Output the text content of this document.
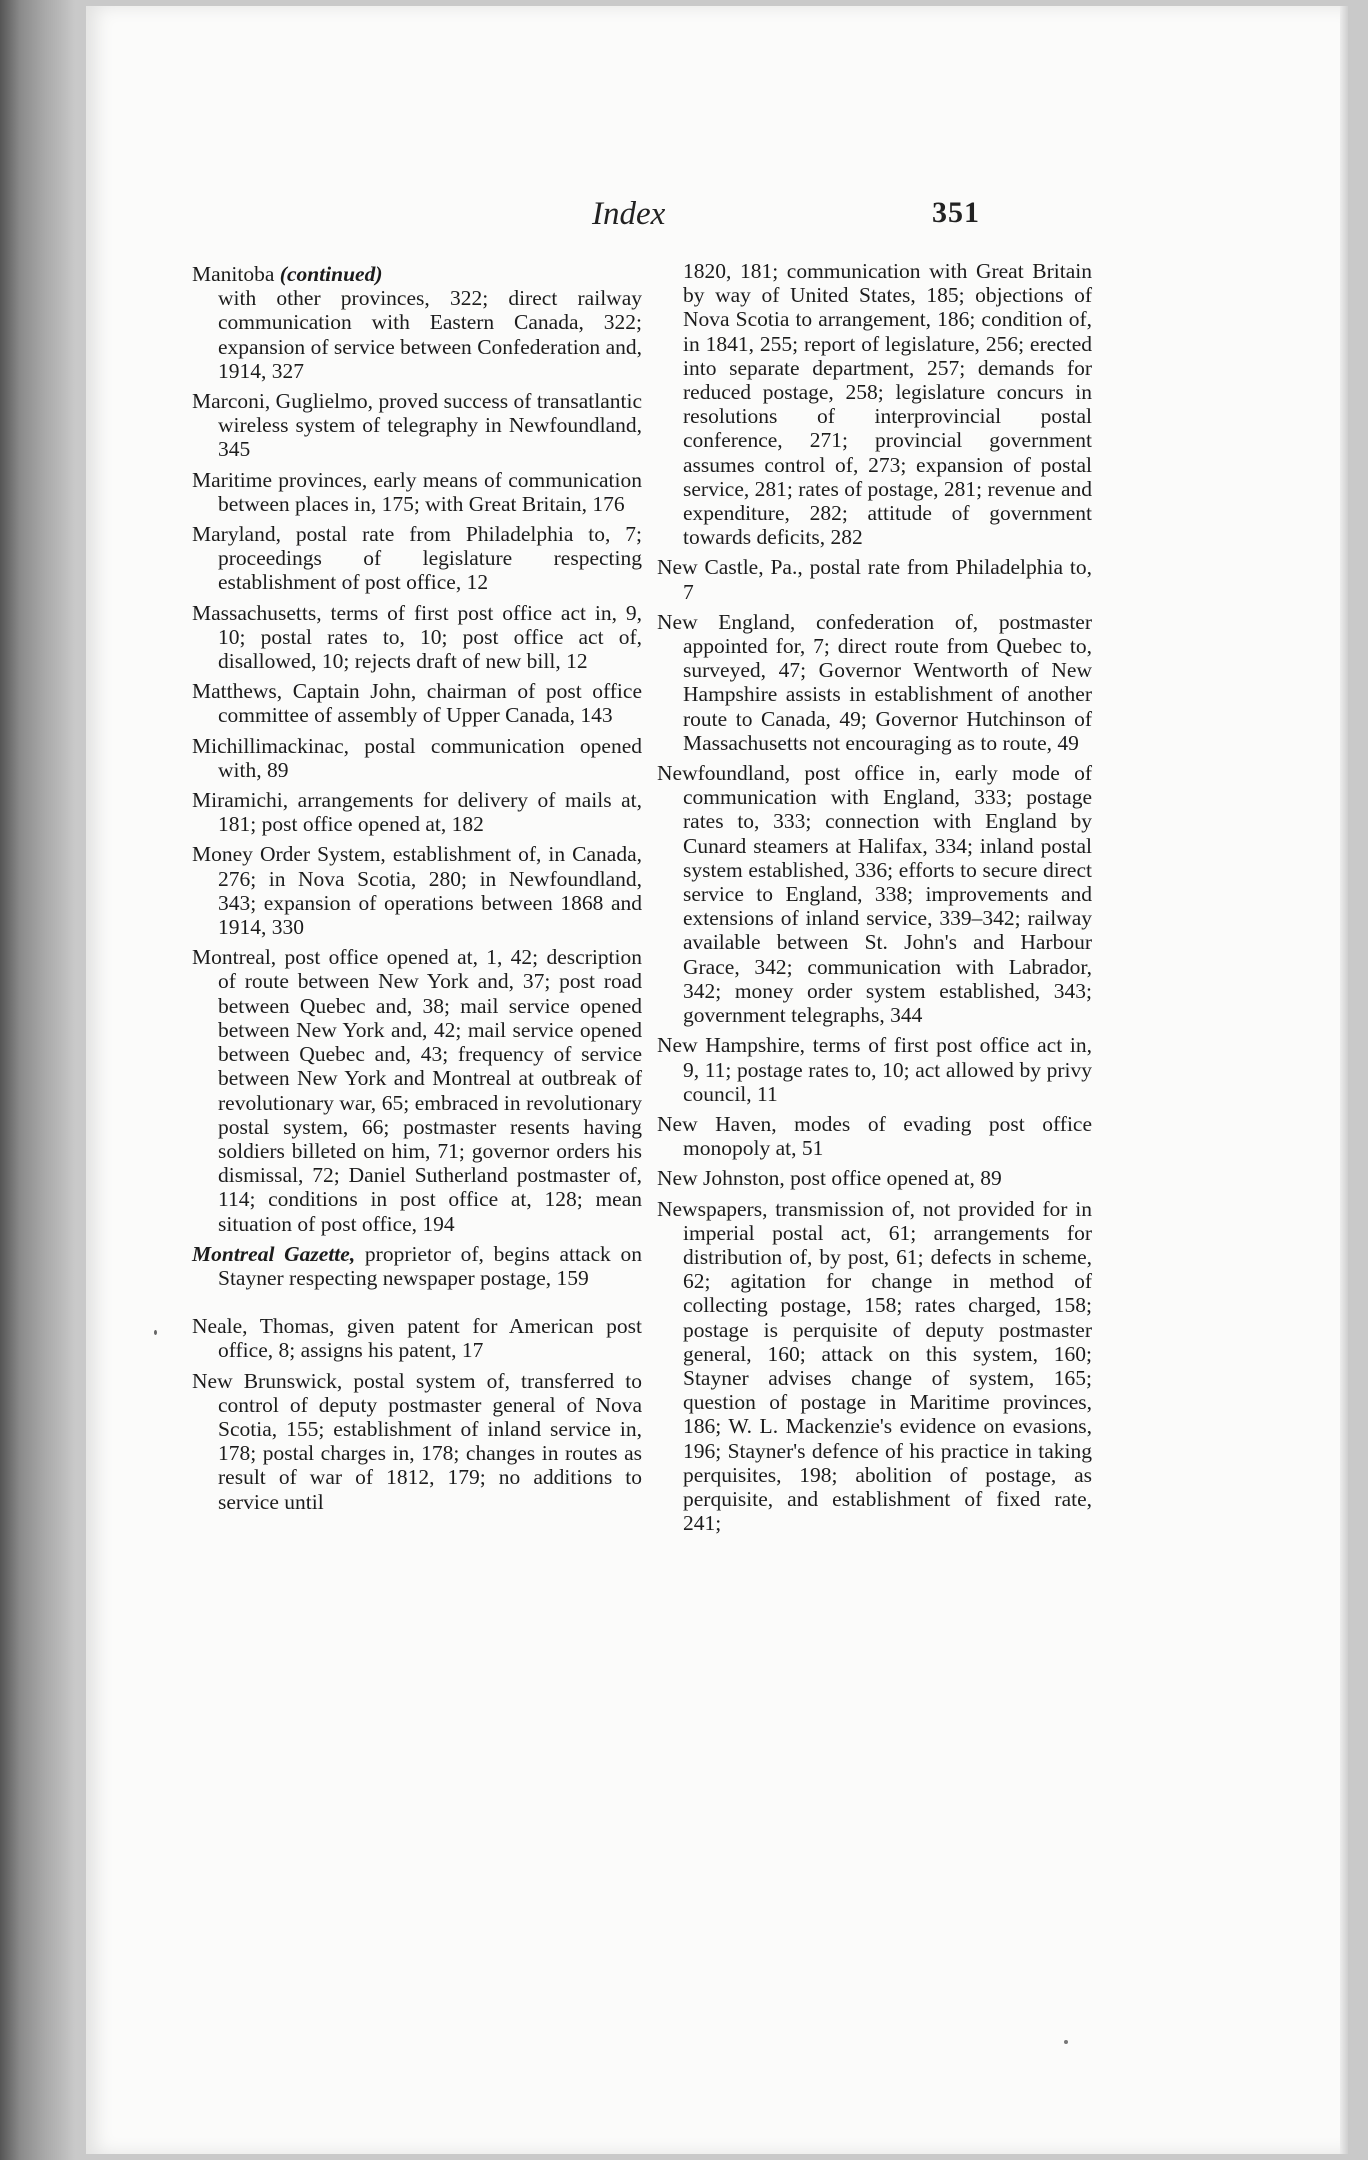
Index	351

Manitoba (continued)

with other provinces, 322; direct railway communication with Eastern Canada, 322; expansion of service between Confederation and, 1914, 327

Marconi, Guglielmo, proved success of transatlantic wireless system of telegraphy in Newfoundland, 345

Maritime provinces, early means of communication between places in, 175; with Great Britain, 176

Maryland, postal rate from Philadelphia to, 7; proceedings of legislature respecting establishment of post office, 12

Massachusetts, terms of first post office act in, 9, 10; postal rates to, 10; post office act of, disallowed, 10; rejects draft of new bill, 12

Matthews, Captain John, chairman of post office committee of assembly of Upper Canada, 143

Michillimackinac, postal communication opened with, 89

Miramichi, arrangements for delivery of mails at, 181; post office opened at, 182

Money Order System, establishment of, in Canada, 276; in Nova Scotia, 280; in Newfoundland, 343; expansion of operations between 1868 and 1914, 330

Montreal, post office opened at, 1, 42; description of route between New York and, 37; post road between Quebec and, 38; mail service opened between New York and, 42; mail service opened between Quebec and, 43; frequency of service between New York and Montreal at outbreak of revolutionary war, 65; embraced in revolutionary postal system, 66; postmaster resents having soldiers billeted on him, 71; governor orders his dismissal, 72; Daniel Sutherland postmaster of, 114; conditions in post office at, 128; mean situation of post office, 194

Montreal Gazette, proprietor of, begins attack on Stayner respecting newspaper postage, 159

Neale, Thomas, given patent for American post office, 8; assigns his patent, 17

New Brunswick, postal system of, transferred to control of deputy postmaster general of Nova Scotia, 155; establishment of inland service in, 178; postal charges in, 178; changes in routes as result of war of 1812, 179; no additions to service until

1820, 181; communication with Great Britain by way of United States, 185; objections of Nova Scotia to arrangement, 186; condition of, in 1841, 255; report of legislature, 256; erected into separate department, 257; demands for reduced postage, 258; legislature concurs in resolutions of interprovincial postal conference, 271; provincial government assumes control of, 273; expansion of postal service, 281; rates of postage, 281; revenue and expenditure, 282; attitude of government towards deficits, 282

New Castle, Pa., postal rate from Philadelphia to, 7

New England, confederation of, postmaster appointed for, 7; direct route from Quebec to, surveyed, 47; Governor Wentworth of New Hampshire assists in establishment of another route to Canada, 49; Governor Hutchinson of Massachusetts not encouraging as to route, 49

Newfoundland, post office in, early mode of communication with England, 333; postage rates to, 333; connection with England by Cunard steamers at Halifax, 334; inland postal system established, 336; efforts to secure direct service to England, 338; improvements and extensions of inland service, 339–342; railway available between St. John's and Harbour Grace, 342; communication with Labrador, 342; money order system established, 343; government telegraphs, 344

New Hampshire, terms of first post office act in, 9, 11; postage rates to, 10; act allowed by privy council, 11

New Haven, modes of evading post office monopoly at, 51

New Johnston, post office opened at, 89

Newspapers, transmission of, not provided for in imperial postal act, 61; arrangements for distribution of, by post, 61; defects in scheme, 62; agitation for change in method of collecting postage, 158; rates charged, 158; postage is perquisite of deputy postmaster general, 160; attack on this system, 160; Stayner advises change of system, 165; question of postage in Maritime provinces, 186; W. L. Mackenzie's evidence on evasions, 196; Stayner's defence of his practice in taking perquisites, 198; abolition of postage, as perquisite, and establishment of fixed rate, 241;
